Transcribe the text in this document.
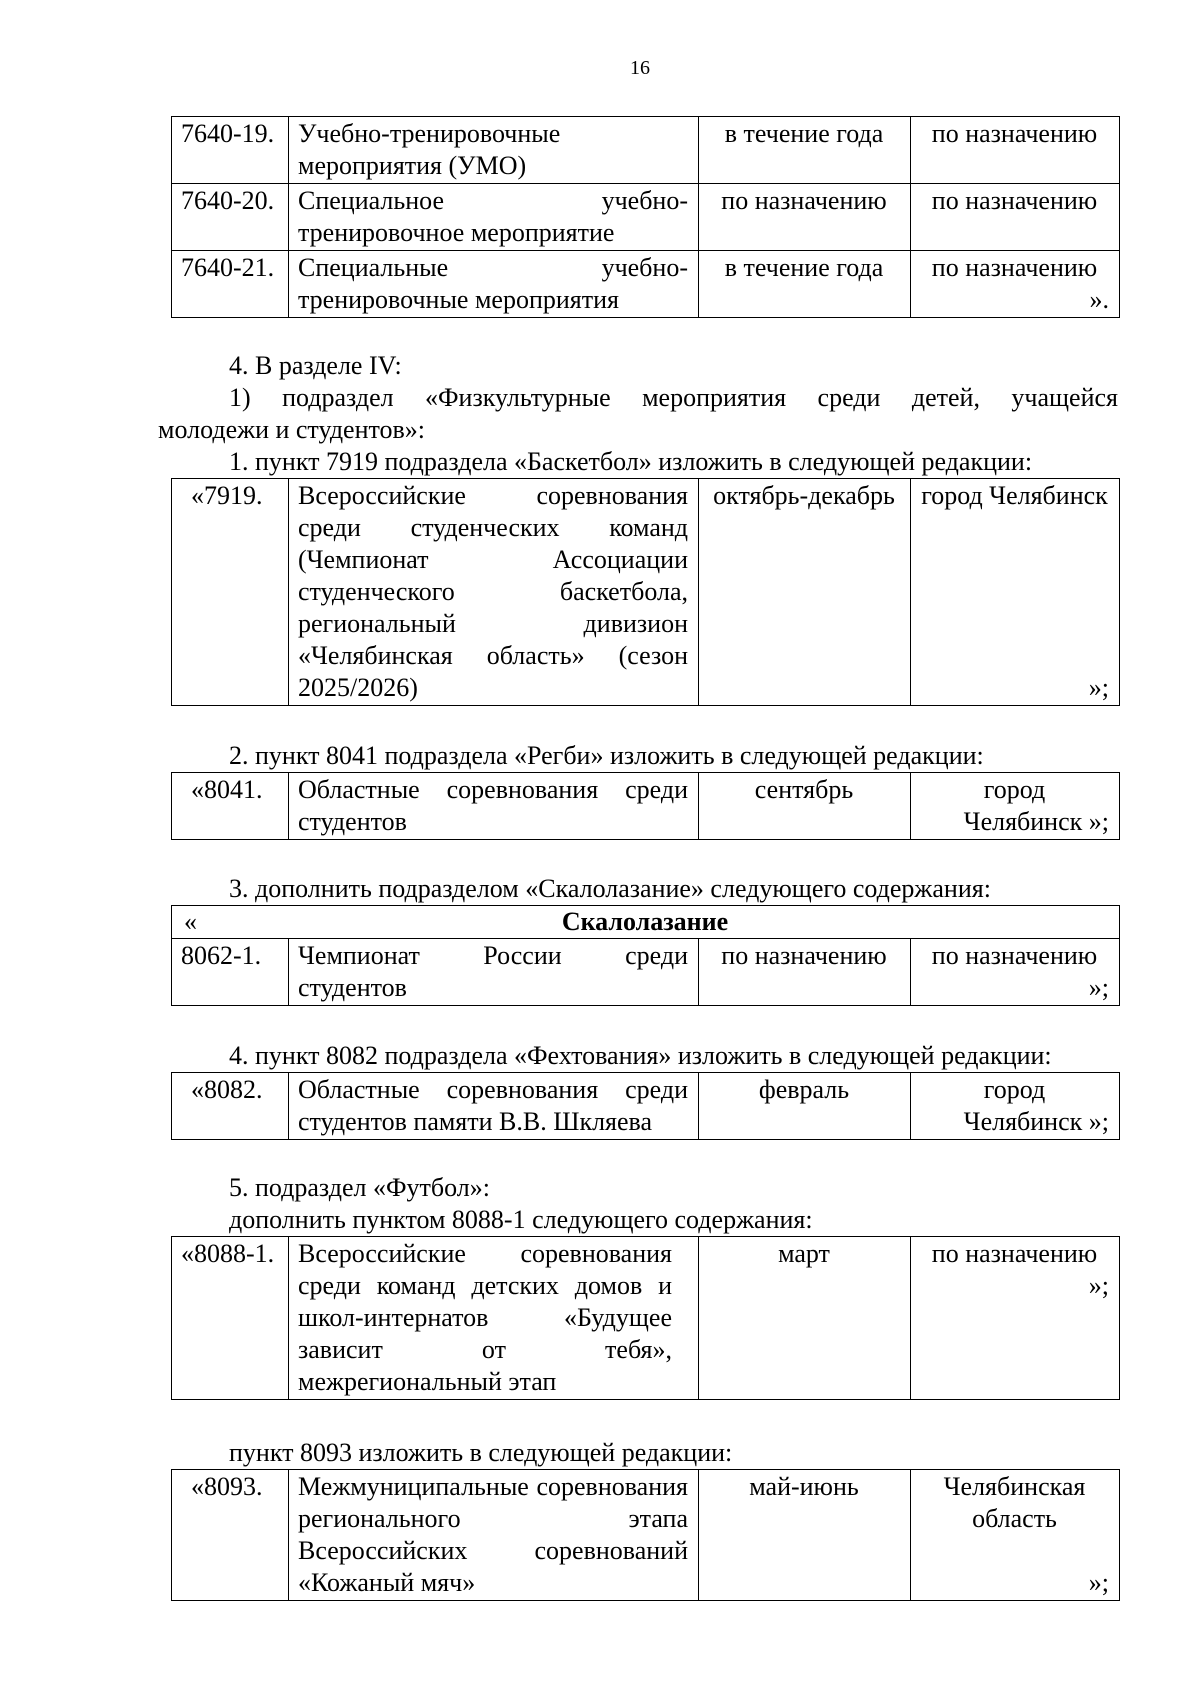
16
7640-19.	Учебно-тренировочные мероприятия (УМО)	в течение года	по назначению
7640-20.	Специальное учебно-тренировочное мероприятие	по назначению	по назначению
7640-21.	Специальные учебно-тренировочные мероприятия	в течение года	по назначению
».
4. В разделе IV:
1) подраздел «Физкультурные мероприятия среди детей, учащейся
молодежи и студентов»:
1. пункт 7919 подраздела «Баскетбол» изложить в следующей редакции:
«7919.	Всероссийские соревнования среди студенческих команд (Чемпионат Ассоциации студенческого баскетбола, региональный дивизион «Челябинская область» (сезон 2025/2026)	октябрь-декабрь	город Челябинск
»;
2. пункт 8041 подраздела «Регби» изложить в следующей редакции:
«8041.	Областные соревнования среди студентов	сентябрь	город
Челябинск »;
3. дополнить подразделом «Скалолазание» следующего содержания:
«	Скалолазание

8062-1.	Чемпионат России среди студентов	по назначению	по назначению
»;
4. пункт 8082 подраздела «Фехтования» изложить в следующей редакции:
«8082.	Областные соревнования среди студентов памяти В.В. Шкляева	февраль	город
Челябинск »;
5. подраздел «Футбол»:
дополнить пунктом 8088-1 следующего содержания:
«8088-1.	Всероссийские соревнования среди команд детских домов и школ-интернатов «Будущее зависит от тебя», межрегиональный этап	март	по назначению
»;
пункт 8093 изложить в следующей редакции:
«8093.	Межмуниципальные соревнования регионального этапа Всероссийских соревнований «Кожаный мяч»	май-июнь	Челябинская область
»;
